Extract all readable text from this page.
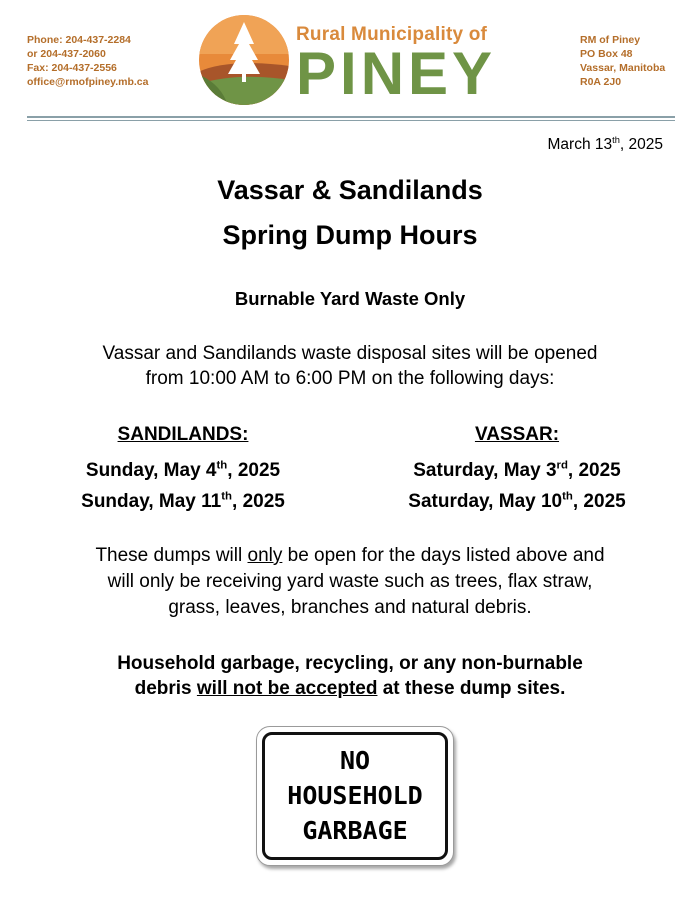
Phone: 204-437-2284
or 204-437-2060
Fax: 204-437-2556
office@rmofpiney.mb.ca
Rural Municipality of
PINEY	RM of Piney
PO Box 48
Vassar, Manitoba
R0A 2J0
March 13th, 2025
Vassar & Sandilands
Spring Dump Hours
Burnable Yard Waste Only
Vassar and Sandilands waste disposal sites will be opened
from 10:00 AM to 6:00 PM on the following days:
SANDILANDS:
Sunday, May 4th, 2025
Sunday, May 11th, 2025
VASSAR:
Saturday, May 3rd, 2025
Saturday, May 10th, 2025
These dumps will only be open for the days listed above and
will only be receiving yard waste such as trees, flax straw,
grass, leaves, branches and natural debris.
Household garbage, recycling, or any non-burnable
debris will not be accepted at these dump sites.
NO
HOUSEHOLD
GARBAGE
